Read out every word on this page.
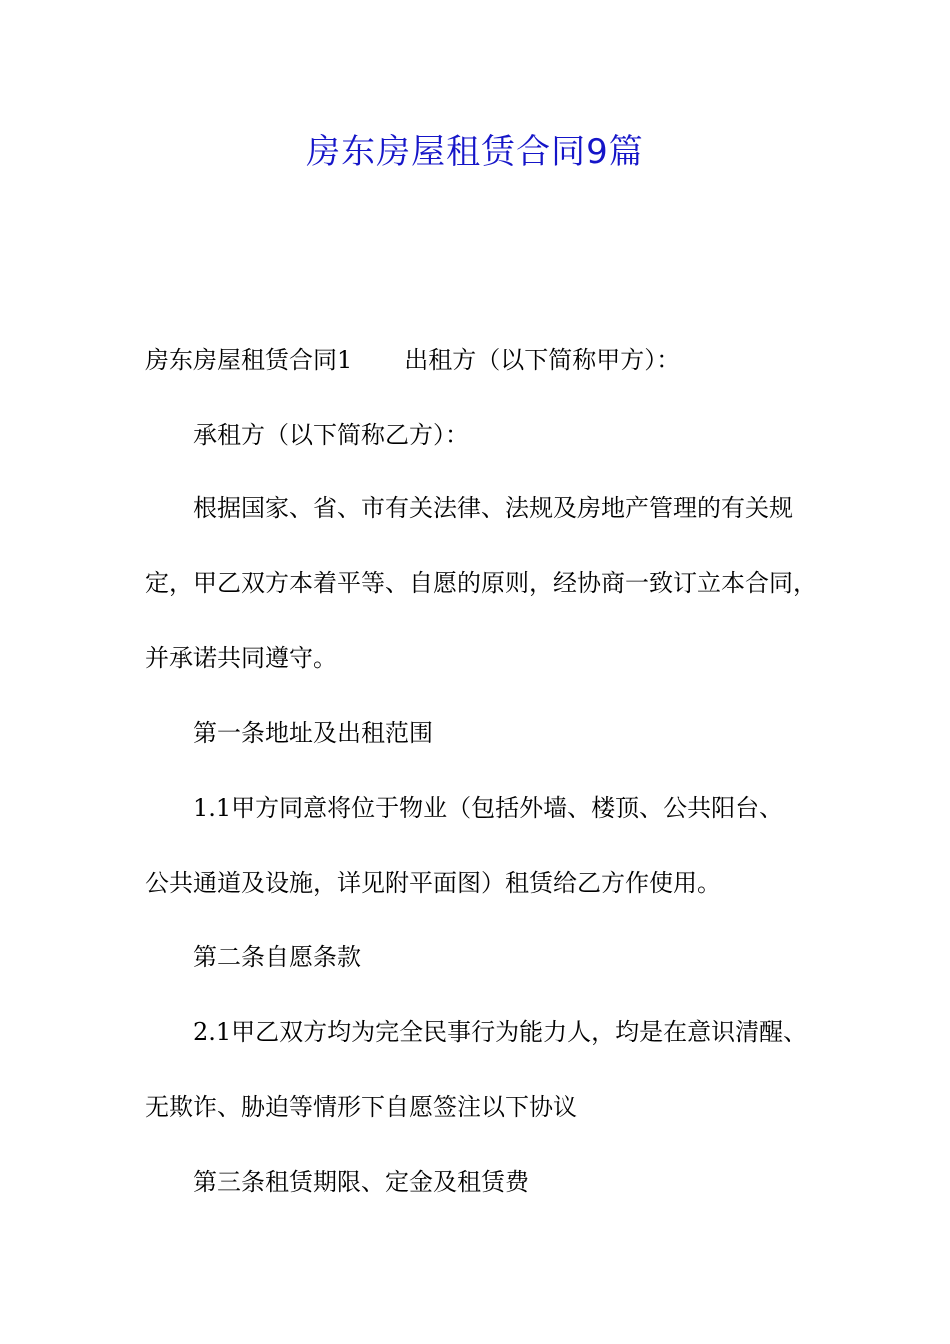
房东房屋租赁合同9篇

房东房屋租赁合同1 出租方（以下简称甲方）：

承租方（以下简称乙方）：

根据国家、省、市有关法律、法规及房地产管理的有关规

定，甲乙双方本着平等、自愿的原则，经协商一致订立本合同，

并承诺共同遵守。

第一条地址及出租范围

1.1甲方同意将位于物业（包括外墙、楼顶、公共阳台、

公共通道及设施，详见附平面图）租赁给乙方作使用。

第二条自愿条款

2.1甲乙双方均为完全民事行为能力人，均是在意识清醒、

无欺诈、胁迫等情形下自愿签注以下协议

第三条租赁期限、定金及租赁费
